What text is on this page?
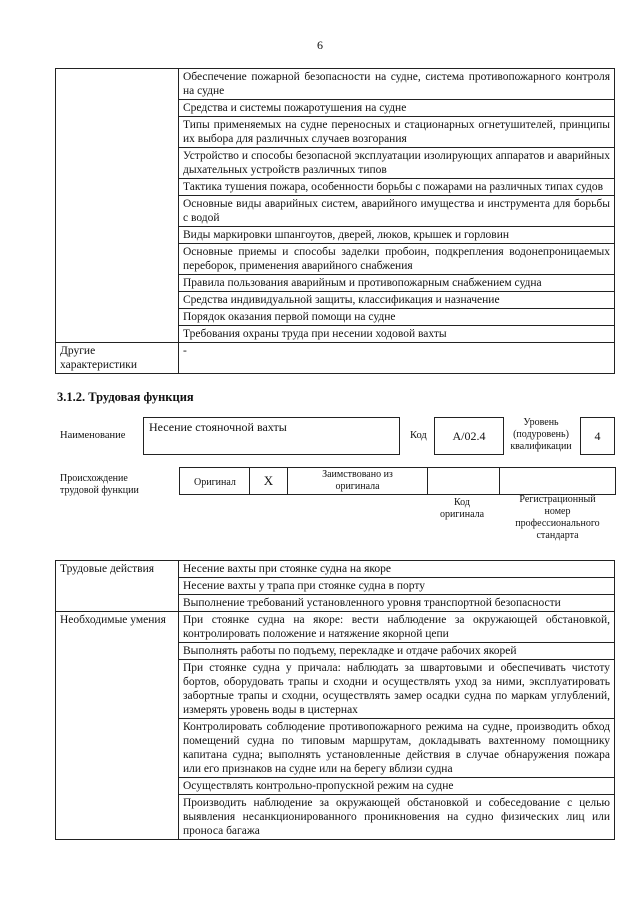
6
	Обеспечение пожарной безопасности на судне, система противопожарного контроля на судне
	Средства и системы пожаротушения на судне
	Типы применяемых на судне переносных и стационарных огнетушителей, принципы их выбора для различных случаев возгорания
	Устройство и способы безопасной эксплуатации изолирующих аппаратов и аварийных дыхательных устройств различных типов
	Тактика тушения пожара, особенности борьбы с пожарами на различных типах судов
	Основные виды аварийных систем, аварийного имущества и инструмента для борьбы с водой
	Виды маркировки шпангоутов, дверей, люков, крышек и горловин
	Основные приемы и способы заделки пробоин, подкрепления водонепроницаемых переборок, применения аварийного снабжения
	Правила пользования аварийным и противопожарным снабжением судна
	Средства индивидуальной защиты, классификация и назначение
	Порядок оказания первой помощи на судне
	Требования охраны труда при несении ходовой вахты
Другие характеристики	-
3.1.2. Трудовая функция
Наименование
Несение стояночной вахты
Код	A/02.4
Уровень (подуровень) квалификации
4
Происхождение трудовой функции
Оригинал	X	Заимствовано из оригинала
Код оригинала
Регистрационный номер профессионального стандарта
Трудовые действия	Несение вахты при стоянке судна на якоре
	Несение вахты у трапа при стоянке судна в порту
	Выполнение требований установленного уровня транспортной безопасности
Необходимые умения	При стоянке судна на якоре: вести наблюдение за окружающей обстановкой, контролировать положение и натяжение якорной цепи
	Выполнять работы по подъему, перекладке и отдаче рабочих якорей
	При стоянке судна у причала: наблюдать за швартовыми и обеспечивать чистоту бортов, оборудовать трапы и сходни и осуществлять уход за ними, эксплуатировать забортные трапы и сходни, осуществлять замер осадки судна по маркам углублений, измерять уровень воды в цистернах
	Контролировать соблюдение противопожарного режима на судне, производить обход помещений судна по типовым маршрутам, докладывать вахтенному помощнику капитана судна; выполнять установленные действия в случае обнаружения пожара или его признаков на судне или на берегу вблизи судна
	Осуществлять контрольно-пропускной режим на судне
	Производить наблюдение за окружающей обстановкой и собеседование с целью выявления несанкционированного проникновения на судно физических лиц или проноса багажа
